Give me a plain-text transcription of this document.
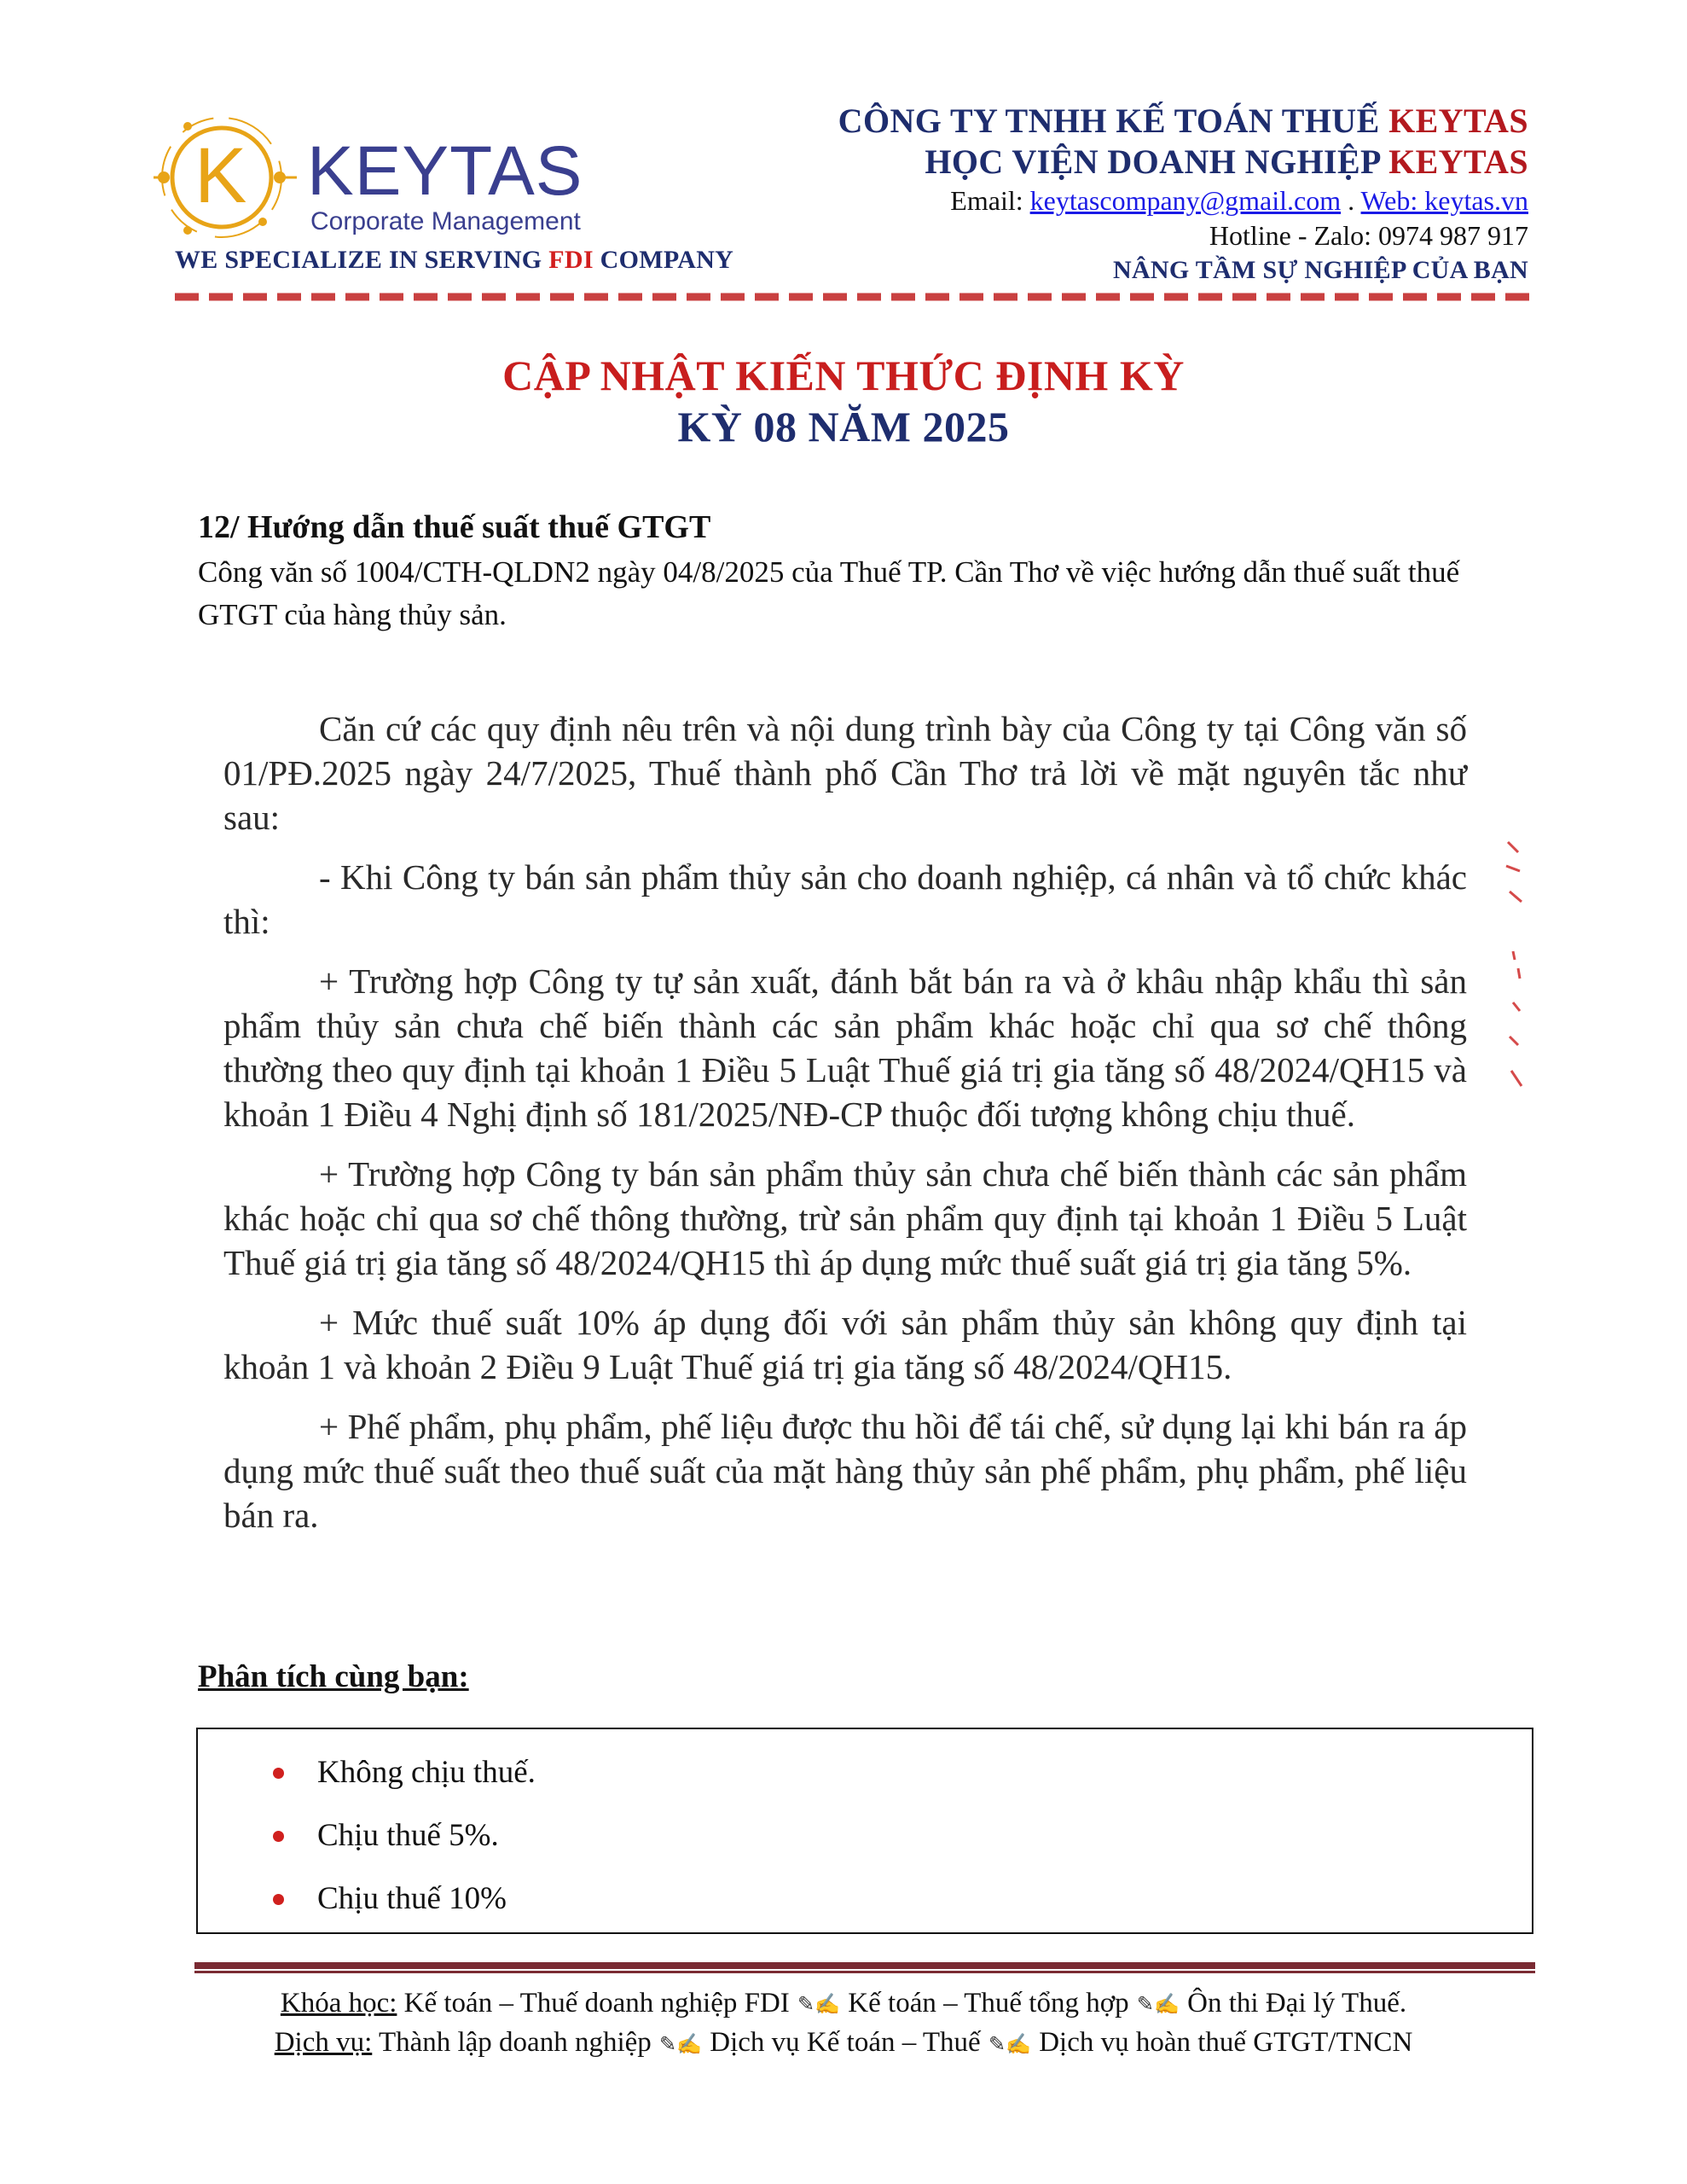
K KEYTAS
Corporate Management
WE SPECIALIZE IN SERVING FDI COMPANY
CÔNG TY TNHH KẾ TOÁN THUẾ KEYTAS
HỌC VIỆN DOANH NGHIỆP KEYTAS
Email: keytascompany@gmail.com . Web: keytas.vn
Hotline - Zalo: 0974 987 917
NÂNG TẦM SỰ NGHIỆP CỦA BẠN
CẬP NHẬT KIẾN THỨC ĐỊNH KỲ
KỲ 08 NĂM 2025
12/ Hướng dẫn thuế suất thuế GTGT
Công văn số 1004/CTH-QLDN2 ngày 04/8/2025 của Thuế TP. Cần Thơ về việc hướng dẫn thuế suất thuế GTGT của hàng thủy sản.

Căn cứ các quy định nêu trên và nội dung trình bày của Công ty tại Công văn số 01/PĐ.2025 ngày 24/7/2025, Thuế thành phố Cần Thơ trả lời về mặt nguyên tắc như sau:

- Khi Công ty bán sản phẩm thủy sản cho doanh nghiệp, cá nhân và tổ chức khác thì:

+ Trường hợp Công ty tự sản xuất, đánh bắt bán ra và ở khâu nhập khẩu thì sản phẩm thủy sản chưa chế biến thành các sản phẩm khác hoặc chỉ qua sơ chế thông thường theo quy định tại khoản 1 Điều 5 Luật Thuế giá trị gia tăng số 48/2024/QH15 và khoản 1 Điều 4 Nghị định số 181/2025/NĐ-CP thuộc đối tượng không chịu thuế.

+ Trường hợp Công ty bán sản phẩm thủy sản chưa chế biến thành các sản phẩm khác hoặc chỉ qua sơ chế thông thường, trừ sản phẩm quy định tại khoản 1 Điều 5 Luật Thuế giá trị gia tăng số 48/2024/QH15 thì áp dụng mức thuế suất giá trị gia tăng 5%.

+ Mức thuế suất 10% áp dụng đối với sản phẩm thủy sản không quy định tại khoản 1 và khoản 2 Điều 9 Luật Thuế giá trị gia tăng số 48/2024/QH15.

+ Phế phẩm, phụ phẩm, phế liệu được thu hồi để tái chế, sử dụng lại khi bán ra áp dụng mức thuế suất theo thuế suất của mặt hàng thủy sản phế phẩm, phụ phẩm, phế liệu bán ra.

Phân tích cùng bạn:
Không chịu thuế.
Chịu thuế 5%.
Chịu thuế 10%
Khóa học: Kế toán – Thuế doanh nghiệp FDI ✎✍ Kế toán – Thuế tổng hợp ✎✍ Ôn thi Đại lý Thuế.
Dịch vụ: Thành lập doanh nghiệp ✎✍ Dịch vụ Kế toán – Thuế ✎✍ Dịch vụ hoàn thuế GTGT/TNCN
